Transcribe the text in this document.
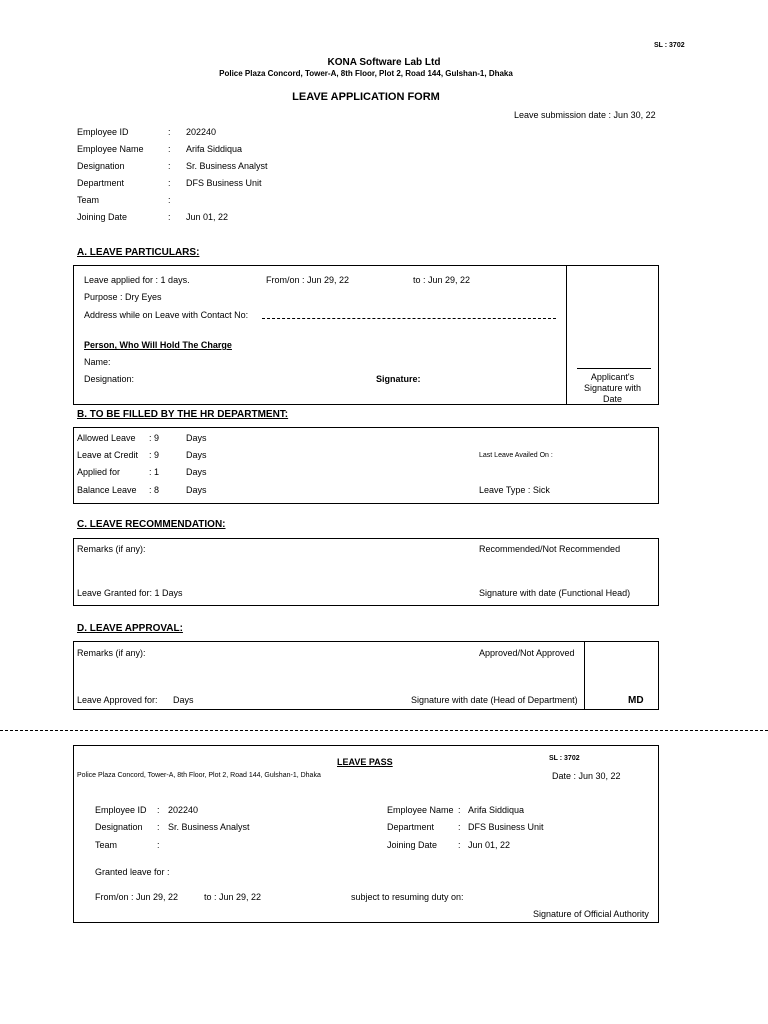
SL : 3702
KONA Software Lab Ltd
Police Plaza Concord, Tower-A, 8th Floor, Plot 2, Road 144, Gulshan-1, Dhaka
LEAVE APPLICATION FORM
Leave submission date : Jun 30, 22
Employee ID	: 202240
Employee Name	: Arifa Siddiqua
Designation	: Sr. Business Analyst
Department	: DFS Business Unit
Team	:
Joining Date	: Jun 01, 22
A. LEAVE PARTICULARS:
Leave applied for : 1 days.	From/on : Jun 29, 22	to : Jun 29, 22
Purpose : Dry Eyes
Address while on Leave with Contact No:
Person, Who Will Hold The Charge
Name:
Designation:	Signature:	Applicant's
Signature with
Date
B. TO BE FILLED BY THE HR DEPARTMENT:
Allowed Leave : 9	Days
Leave at Credit : 9	Days
Applied for	: 1	Days
Balance Leave : 8	Days
Last Leave Availed On :
Leave Type : Sick
C. LEAVE RECOMMENDATION:
Remarks (if any):	Recommended/Not Recommended
Leave Granted for: 1 Days	Signature with date (Functional Head)
D. LEAVE APPROVAL:
Remarks (if any):	Approved/Not Approved
Leave Approved for: Days	Signature with date (Head of Department)	MD
LEAVE PASS	SL : 3702
Police Plaza Concord, Tower-A, 8th Floor, Plot 2, Road 144, Gulshan-1, Dhaka	Date : Jun 30, 22
Employee ID : 202240
Designation : Sr. Business Analyst
Team	:
Employee Name : Arifa Siddiqua
Department	: DFS Business Unit
Joining Date : Jun 01, 22
Granted leave for :
From/on : Jun 29, 22	to : Jun 29, 22	subject to resuming duty on:
Signature of Official Authority
